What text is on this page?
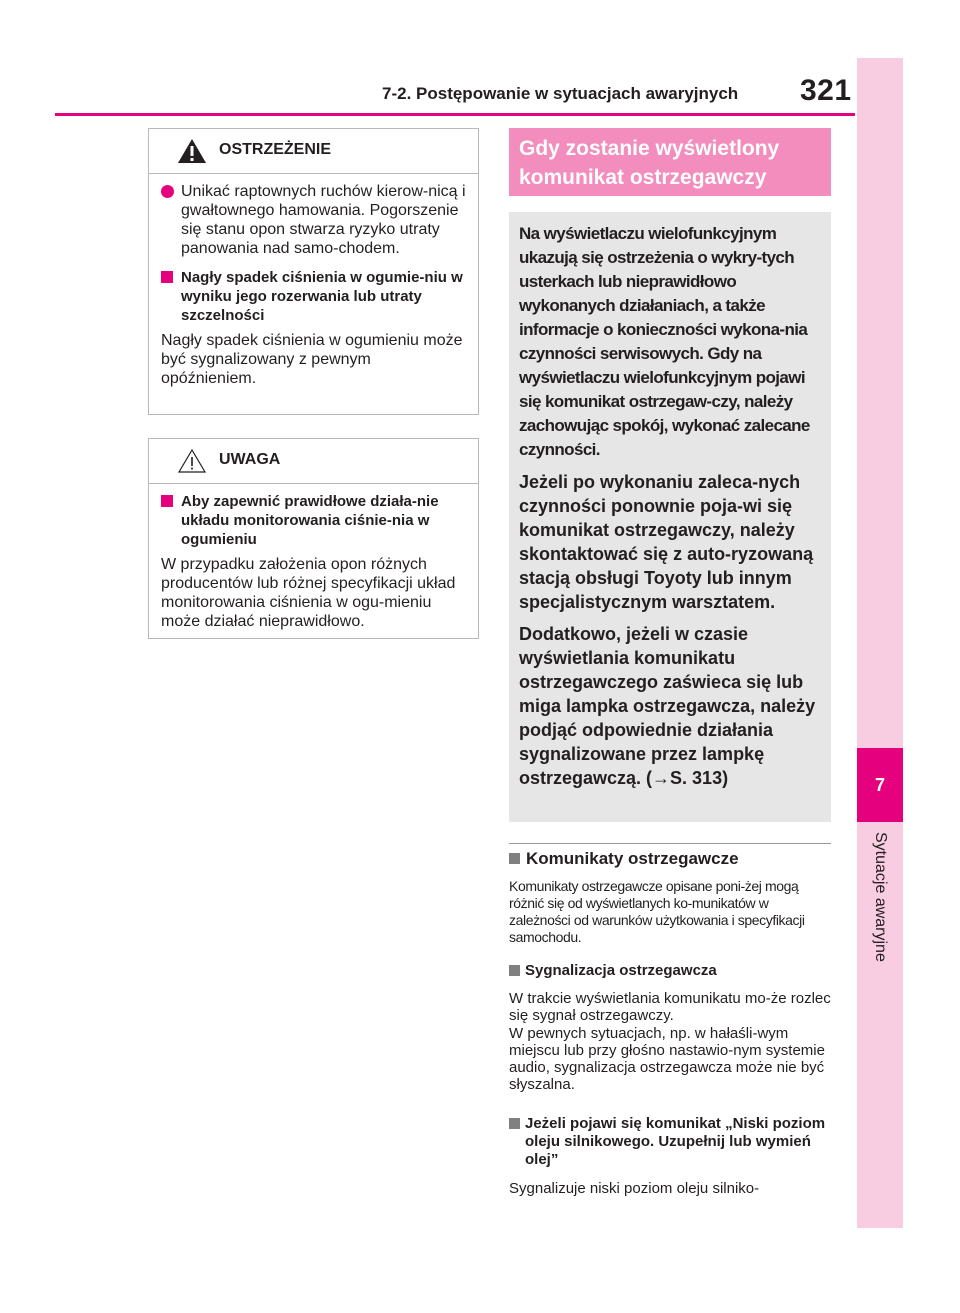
7-2. Postępowanie w sytuacjach awaryjnych	321
7
Sytuacje awaryjne
OSTRZEŻENIE
Unikać raptownych ruchów kierow-nicą i gwałtownego hamowania. Pogorszenie się stanu opon stwarza ryzyko utraty panowania nad samo-chodem.
Nagły spadek ciśnienia w ogumie-niu w wyniku jego rozerwania lub utraty szczelności
Nagły spadek ciśnienia w ogumieniu może być sygnalizowany z pewnym opóźnieniem.
UWAGA
Aby zapewnić prawidłowe działa-nie układu monitorowania ciśnie-nia w ogumieniu
W przypadku założenia opon różnych producentów lub różnej specyfikacji układ monitorowania ciśnienia w ogu-mieniu może działać nieprawidłowo.
Gdy zostanie wyświetlony
komunikat ostrzegawczy

Na wyświetlaczu wielofunkcyjnym ukazują się ostrzeżenia o wykry-tych usterkach lub nieprawidłowo wykonanych działaniach, a także informacje o konieczności wykona-nia czynności serwisowych. Gdy na wyświetlaczu wielofunkcyjnym pojawi się komunikat ostrzegaw-czy, należy zachowując spokój, wykonać zalecane czynności.

Jeżeli po wykonaniu zaleca-nych czynności ponownie poja-wi się komunikat ostrzegawczy, należy skontaktować się z auto-ryzowaną stacją obsługi Toyoty lub innym specjalistycznym warsztatem.

Dodatkowo, jeżeli w czasie wyświetlania komunikatu ostrzegawczego zaświeca się lub miga lampka ostrzegawcza, należy podjąć odpowiednie działania sygnalizowane przez lampkę ostrzegawczą. (→S. 313)

Komunikaty ostrzegawcze
Komunikaty ostrzegawcze opisane poni-żej mogą różnić się od wyświetlanych ko-munikatów w zależności od warunków użytkowania i specyfikacji samochodu.
Sygnalizacja ostrzegawcza
W trakcie wyświetlania komunikatu mo-że rozlec się sygnał ostrzegawczy.
W pewnych sytuacjach, np. w hałaśli-wym miejscu lub przy głośno nastawio-nym systemie audio, sygnalizacja ostrzegawcza może nie być słyszalna.
Jeżeli pojawi się komunikat „Niski poziom oleju silnikowego. Uzupełnij lub wymień olej”
Sygnalizuje niski poziom oleju silniko-
